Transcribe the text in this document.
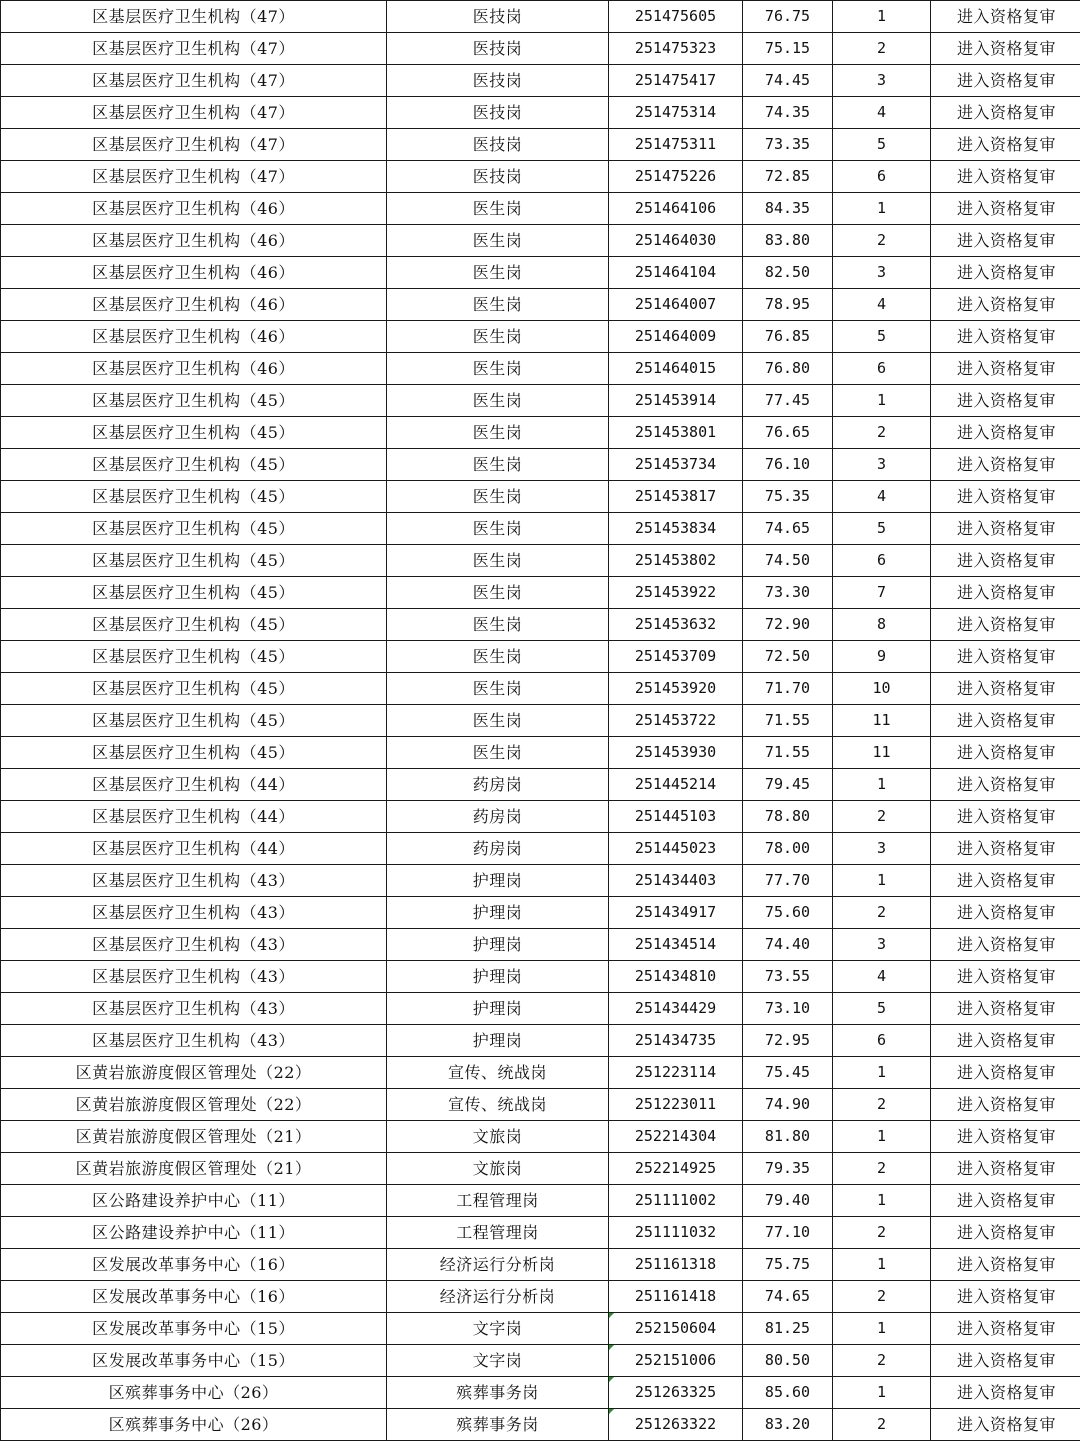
区基层医疗卫生机构（47）	医技岗	251475605	76.75	1	进入资格复审
区基层医疗卫生机构（47）	医技岗	251475323	75.15	2	进入资格复审
区基层医疗卫生机构（47）	医技岗	251475417	74.45	3	进入资格复审
区基层医疗卫生机构（47）	医技岗	251475314	74.35	4	进入资格复审
区基层医疗卫生机构（47）	医技岗	251475311	73.35	5	进入资格复审
区基层医疗卫生机构（47）	医技岗	251475226	72.85	6	进入资格复审
区基层医疗卫生机构（46）	医生岗	251464106	84.35	1	进入资格复审
区基层医疗卫生机构（46）	医生岗	251464030	83.80	2	进入资格复审
区基层医疗卫生机构（46）	医生岗	251464104	82.50	3	进入资格复审
区基层医疗卫生机构（46）	医生岗	251464007	78.95	4	进入资格复审
区基层医疗卫生机构（46）	医生岗	251464009	76.85	5	进入资格复审
区基层医疗卫生机构（46）	医生岗	251464015	76.80	6	进入资格复审
区基层医疗卫生机构（45）	医生岗	251453914	77.45	1	进入资格复审
区基层医疗卫生机构（45）	医生岗	251453801	76.65	2	进入资格复审
区基层医疗卫生机构（45）	医生岗	251453734	76.10	3	进入资格复审
区基层医疗卫生机构（45）	医生岗	251453817	75.35	4	进入资格复审
区基层医疗卫生机构（45）	医生岗	251453834	74.65	5	进入资格复审
区基层医疗卫生机构（45）	医生岗	251453802	74.50	6	进入资格复审
区基层医疗卫生机构（45）	医生岗	251453922	73.30	7	进入资格复审
区基层医疗卫生机构（45）	医生岗	251453632	72.90	8	进入资格复审
区基层医疗卫生机构（45）	医生岗	251453709	72.50	9	进入资格复审
区基层医疗卫生机构（45）	医生岗	251453920	71.70	10	进入资格复审
区基层医疗卫生机构（45）	医生岗	251453722	71.55	11	进入资格复审
区基层医疗卫生机构（45）	医生岗	251453930	71.55	11	进入资格复审
区基层医疗卫生机构（44）	药房岗	251445214	79.45	1	进入资格复审
区基层医疗卫生机构（44）	药房岗	251445103	78.80	2	进入资格复审
区基层医疗卫生机构（44）	药房岗	251445023	78.00	3	进入资格复审
区基层医疗卫生机构（43）	护理岗	251434403	77.70	1	进入资格复审
区基层医疗卫生机构（43）	护理岗	251434917	75.60	2	进入资格复审
区基层医疗卫生机构（43）	护理岗	251434514	74.40	3	进入资格复审
区基层医疗卫生机构（43）	护理岗	251434810	73.55	4	进入资格复审
区基层医疗卫生机构（43）	护理岗	251434429	73.10	5	进入资格复审
区基层医疗卫生机构（43）	护理岗	251434735	72.95	6	进入资格复审
区黄岩旅游度假区管理处（22）	宣传、统战岗	251223114	75.45	1	进入资格复审
区黄岩旅游度假区管理处（22）	宣传、统战岗	251223011	74.90	2	进入资格复审
区黄岩旅游度假区管理处（21）	文旅岗	252214304	81.80	1	进入资格复审
区黄岩旅游度假区管理处（21）	文旅岗	252214925	79.35	2	进入资格复审
区公路建设养护中心（11）	工程管理岗	251111002	79.40	1	进入资格复审
区公路建设养护中心（11）	工程管理岗	251111032	77.10	2	进入资格复审
区发展改革事务中心（16）	经济运行分析岗	251161318	75.75	1	进入资格复审
区发展改革事务中心（16）	经济运行分析岗	251161418	74.65	2	进入资格复审
区发展改革事务中心（15）	文字岗	252150604	81.25	1	进入资格复审
区发展改革事务中心（15）	文字岗	252151006	80.50	2	进入资格复审
区殡葬事务中心（26）	殡葬事务岗	251263325	85.60	1	进入资格复审
区殡葬事务中心（26）	殡葬事务岗	251263322	83.20	2	进入资格复审
